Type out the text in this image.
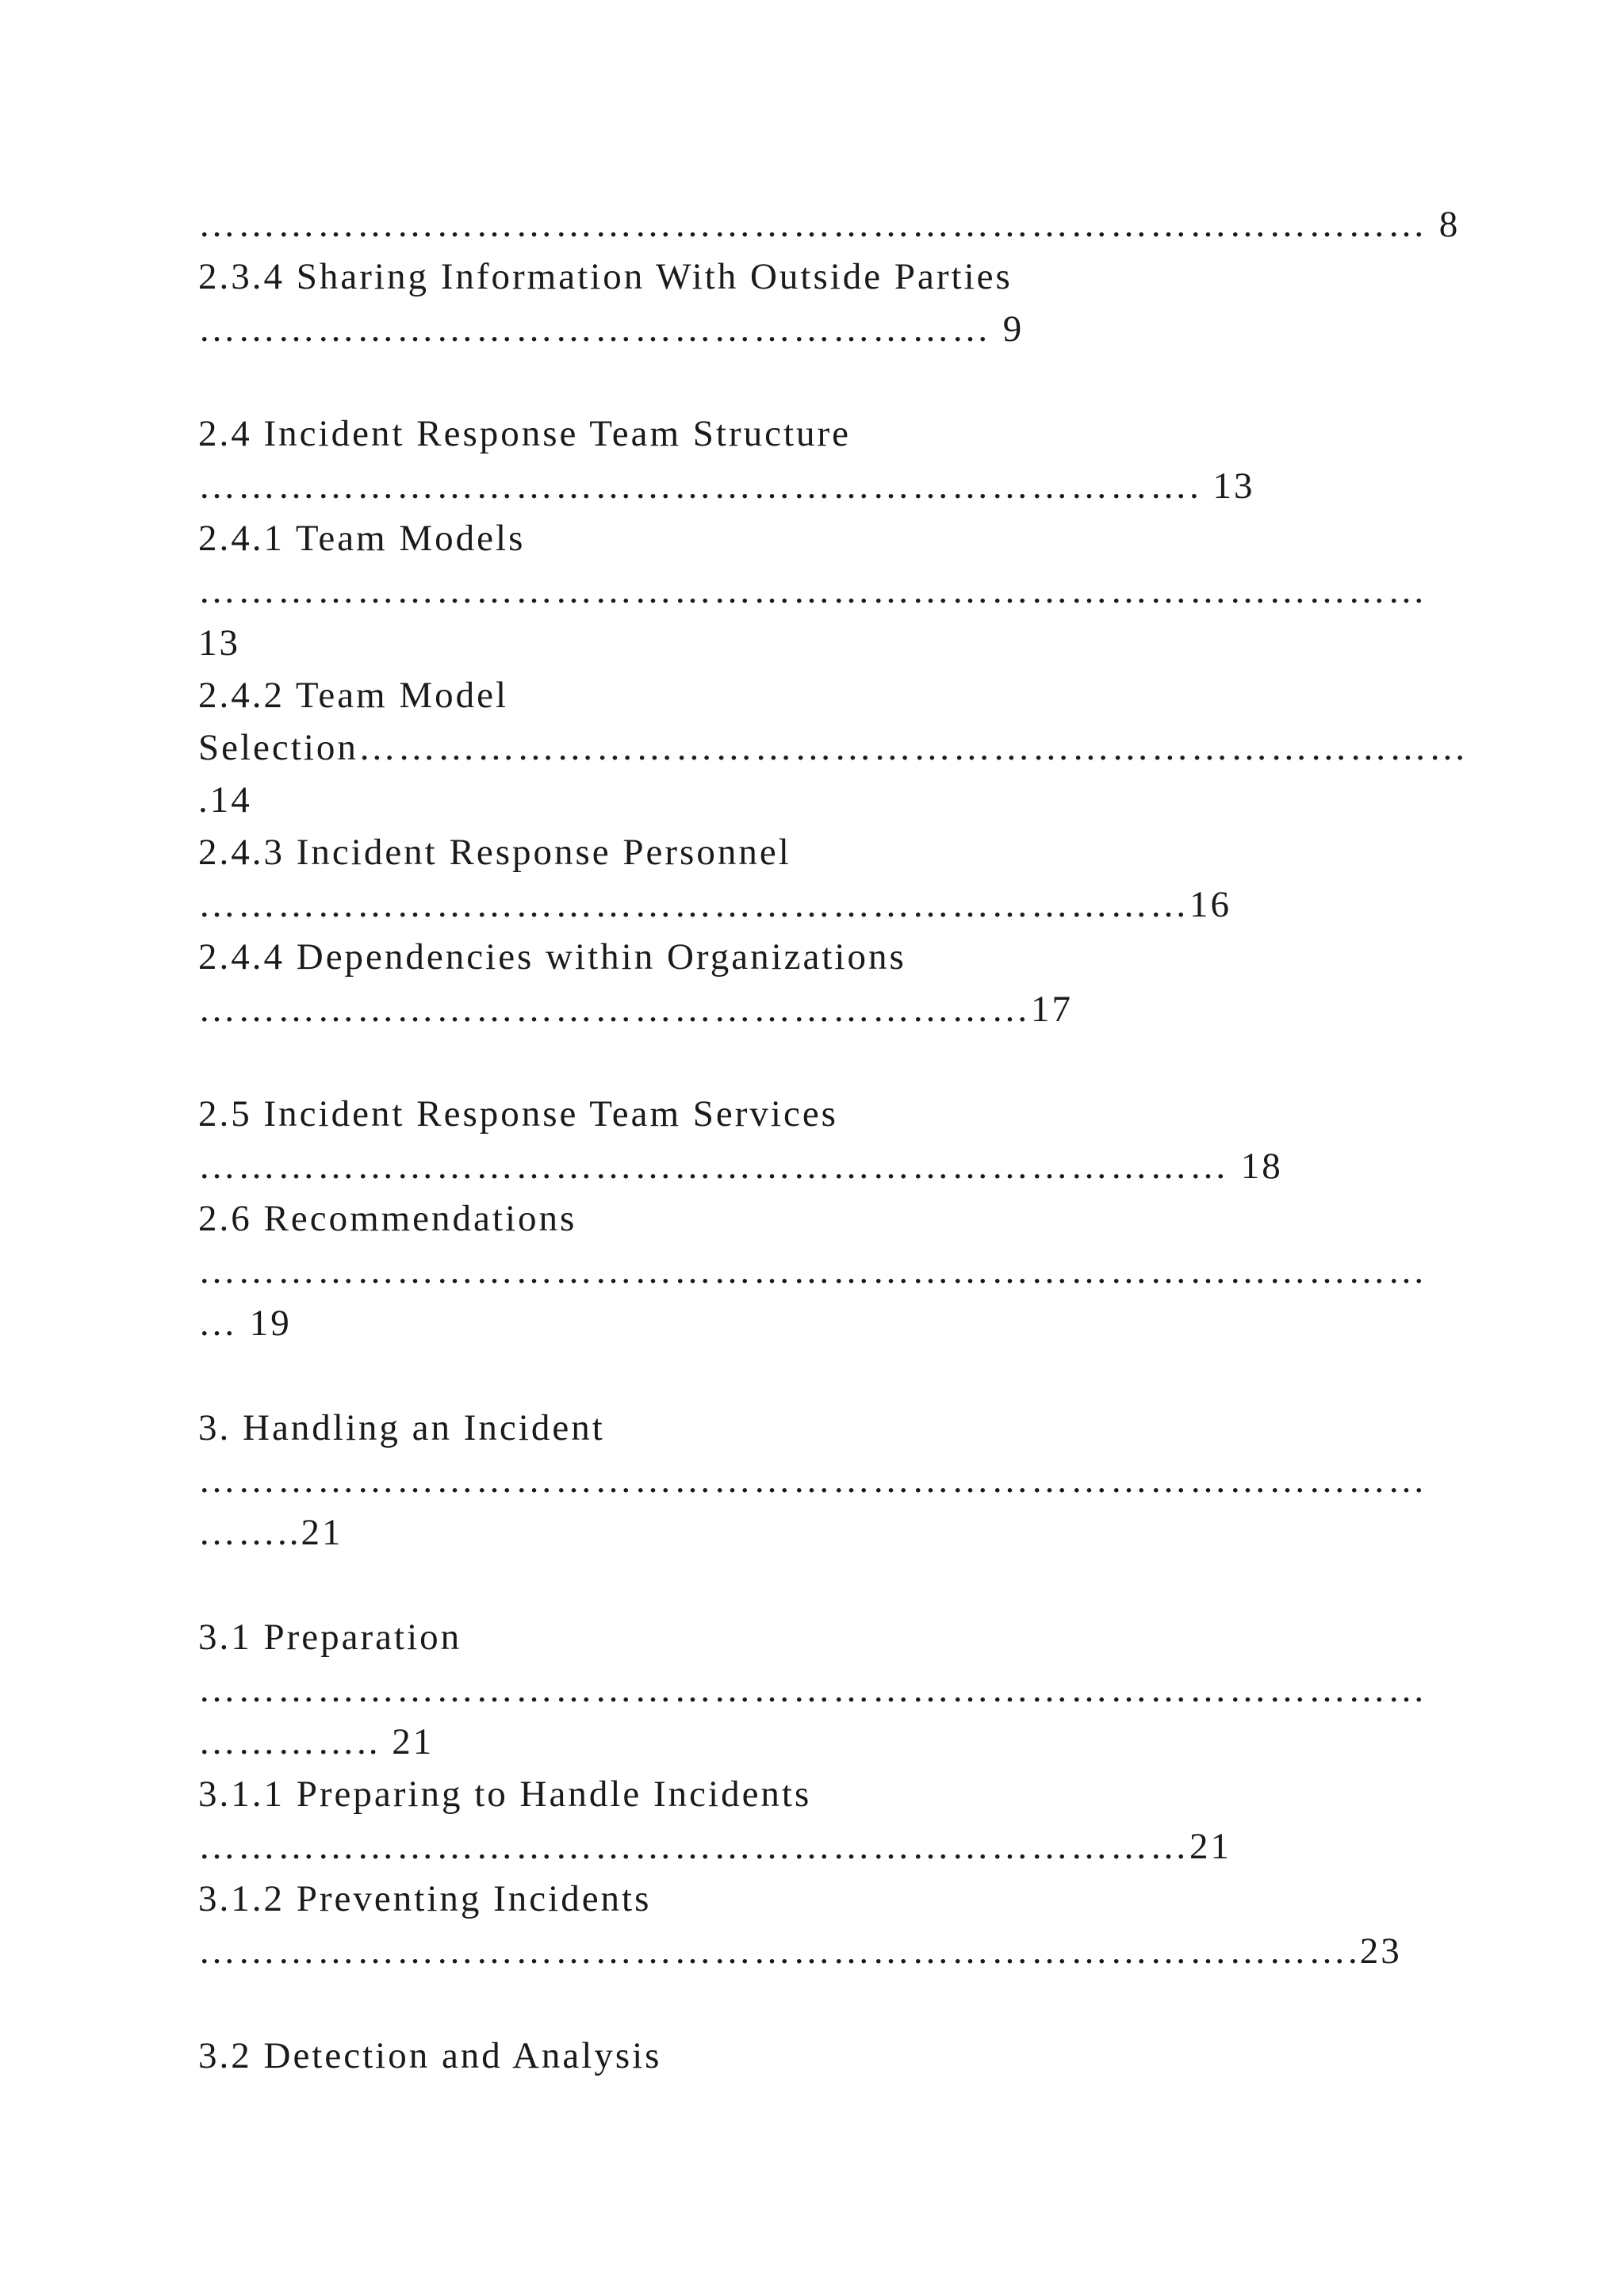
………………………………………………………………………………… 8
2.3.4 Sharing Information With Outside Parties
…………………………………………………… 9
2.4 Incident Response Team Structure
…………………………………………………………………. 13
2.4.1 Team Models
…………………………………………………………………………………
13
2.4.2 Team Model
Selection…………………………………………………………………………
.14
2.4.3 Incident Response Personnel
…………………………………………………………………16
2.4.4 Dependencies within Organizations
………………………………………………………17
2.5 Incident Response Team Services
…………………………………………………………………… 18
2.6 Recommendations
…………………………………………………………………………………
… 19
3. Handling an Incident
…………………………………………………………………………………
……..21
3.1 Preparation
…………………………………………………………………………………
………….. 21
3.1.1 Preparing to Handle Incidents
…………………………………………………………………21
3.1.2 Preventing Incidents
…………………………………………………………………………….23
3.2 Detection and Analysis
